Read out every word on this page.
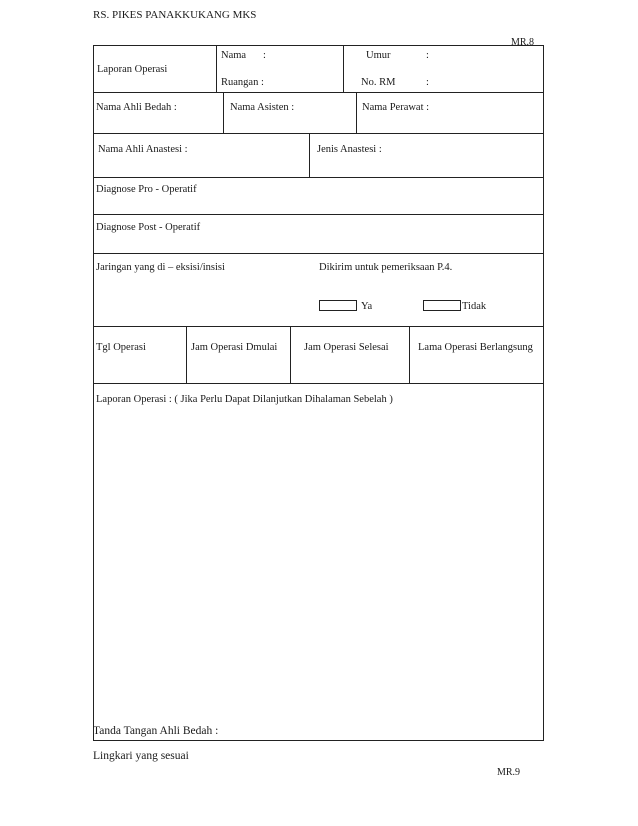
RS. PIKES PANAKKUKANG MKS
MR.8
Laporan Operasi
Nama :
Ruangan :
Umur	:
No. RM	:
Nama Ahli Bedah :	Nama Asisten :	Nama Perawat :
Nama Ahli Anastesi :	Jenis Anastesi :
Diagnose Pro - Operatif
Diagnose Post - Operatif
Jaringan yang di – eksisi/insisi	Dikirim untuk pemeriksaan P.4.
Ya	Tidak
Tgl Operasi	Jam Operasi Dmulai	Jam Operasi Selesai	Lama Operasi Berlangsung
Laporan Operasi : ( Jika Perlu Dapat Dilanjutkan Dihalaman Sebelah )
Tanda Tangan Ahli Bedah :
Lingkari yang sesuai
MR.9
